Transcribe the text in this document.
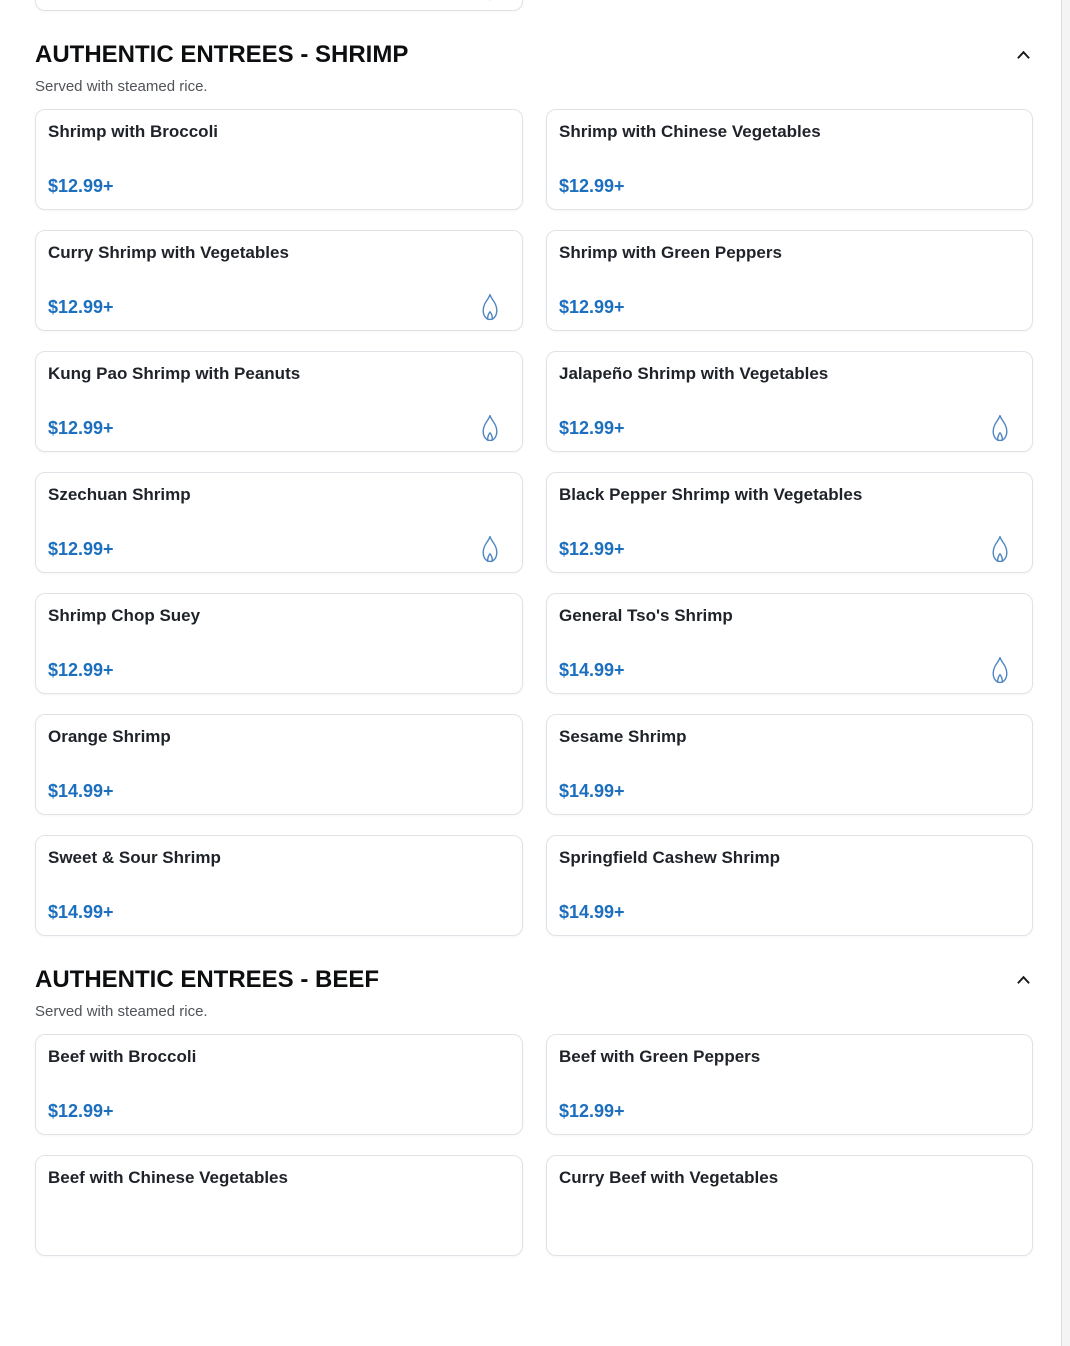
AUTHENTIC ENTREES - SHRIMP
Served with steamed rice.
Shrimp with Broccoli
$12.99+
Shrimp with Chinese Vegetables
$12.99+
Curry Shrimp with Vegetables
$12.99+
Shrimp with Green Peppers
$12.99+
Kung Pao Shrimp with Peanuts
$12.99+
Jalapeño Shrimp with Vegetables
$12.99+
Szechuan Shrimp
$12.99+
Black Pepper Shrimp with Vegetables
$12.99+
Shrimp Chop Suey
$12.99+
General Tso's Shrimp
$14.99+
Orange Shrimp
$14.99+
Sesame Shrimp
$14.99+
Sweet & Sour Shrimp
$14.99+
Springfield Cashew Shrimp
$14.99+
AUTHENTIC ENTREES - BEEF
Served with steamed rice.
Beef with Broccoli
$12.99+
Beef with Green Peppers
$12.99+
Beef with Chinese Vegetables	Curry Beef with Vegetables
